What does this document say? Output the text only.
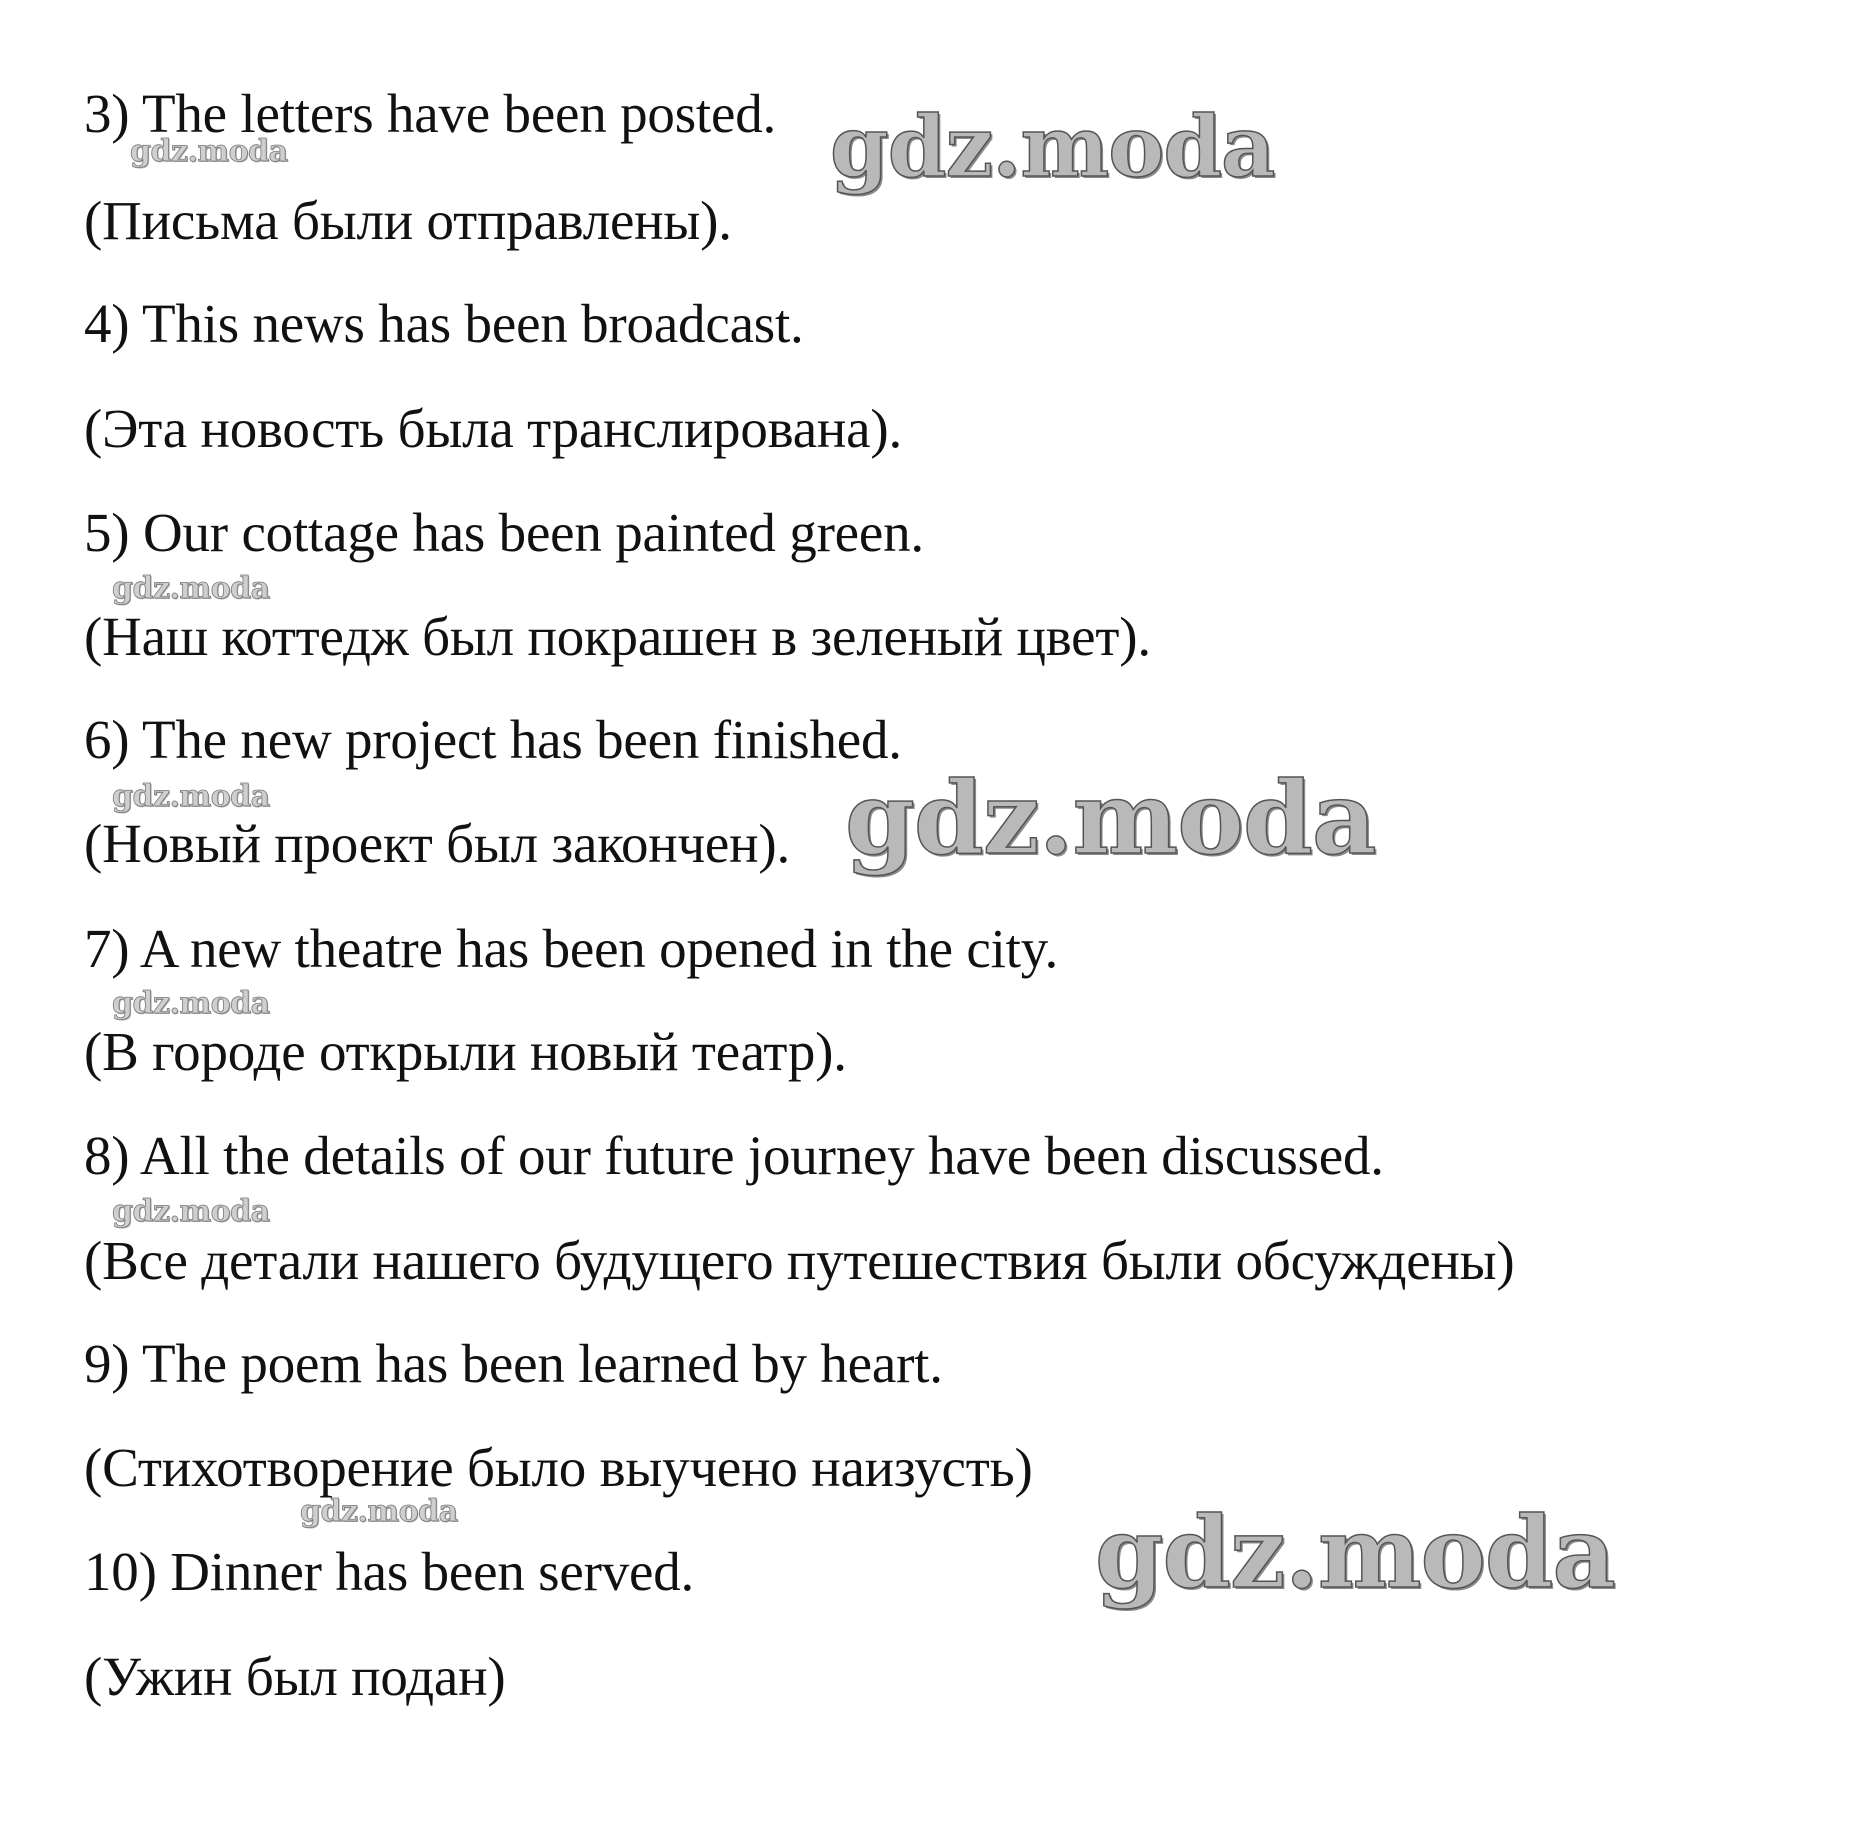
3) The letters have been posted.
(Письма были отправлены).
4) This news has been broadcast.
(Эта новость была транслирована).
5) Our cottage has been painted green.
(Наш коттедж был покрашен в зеленый цвет).
6) The new project has been finished.
(Новый проект был закончен).
7) A new theatre has been opened in the city.
(В городе открыли новый театр).
8) All the details of our future journey have been discussed.
(Все детали нашего будущего путешествия были обсуждены)
9) The poem has been learned by heart.
(Стихотворение было выучено наизусть)
10) Dinner has been served.
(Ужин был подан)
gdz.moda
gdz.moda
gdz.moda
gdz.moda	gdz.moda
gdz.moda
gdz.moda
gdz.moda	gdz.moda
